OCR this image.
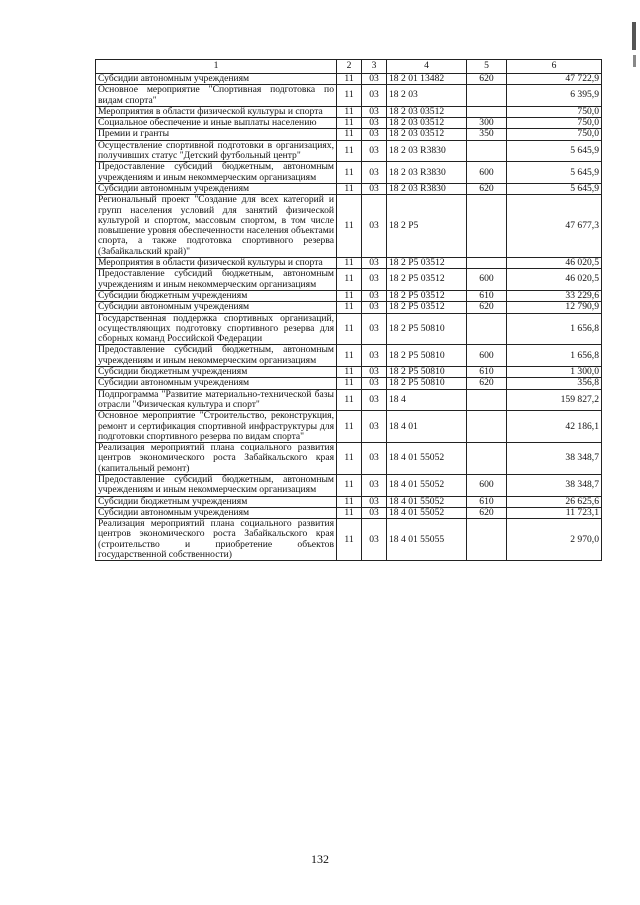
1	2	3	4	5	6
Субсидии автономным учреждениям	11	03	18 2 01 13482	620	47 722,9
Основное мероприятие "Спортивная подготовка по видам спорта"	11	03	18 2 03		6 395,9
Мероприятия в области физической культуры и спорта	11	03	18 2 03 03512		750,0
Социальное обеспечение и иные выплаты населению	11	03	18 2 03 03512	300	750,0
Премии и гранты	11	03	18 2 03 03512	350	750,0
Осуществление спортивной подготовки в организациях, получивших статус "Детский футбольный центр"	11	03	18 2 03 R3830		5 645,9
Предоставление субсидий бюджетным, автономным учреждениям и иным некоммерческим организациям	11	03	18 2 03 R3830	600	5 645,9
Субсидии автономным учреждениям	11	03	18 2 03 R3830	620	5 645,9
Региональный проект "Создание для всех категорий и групп населения условий для занятий физической культурой и спортом, массовым спортом, в том числе повышение уровня обеспеченности населения объектами спорта, а также подготовка спортивного резерва (Забайкальский край)"	11	03	18 2 P5		47 677,3
Мероприятия в области физической культуры и спорта	11	03	18 2 P5 03512		46 020,5
Предоставление субсидий бюджетным, автономным учреждениям и иным некоммерческим организациям	11	03	18 2 P5 03512	600	46 020,5
Субсидии бюджетным учреждениям	11	03	18 2 P5 03512	610	33 229,6
Субсидии автономным учреждениям	11	03	18 2 P5 03512	620	12 790,9
Государственная поддержка спортивных организаций, осуществляющих подготовку спортивного резерва для сборных команд Российской Федерации	11	03	18 2 P5 50810		1 656,8
Предоставление субсидий бюджетным, автономным учреждениям и иным некоммерческим организациям	11	03	18 2 P5 50810	600	1 656,8
Субсидии бюджетным учреждениям	11	03	18 2 P5 50810	610	1 300,0
Субсидии автономным учреждениям	11	03	18 2 P5 50810	620	356,8
Подпрограмма "Развитие материально-технической базы отрасли "Физическая культура и спорт"	11	03	18 4		159 827,2
Основное мероприятие "Строительство, реконструкция, ремонт и сертификация спортивной инфраструктуры для подготовки спортивного резерва по видам спорта"	11	03	18 4 01		42 186,1
Реализация мероприятий плана социального развития центров экономического роста Забайкальского края (капитальный ремонт)	11	03	18 4 01 55052		38 348,7
Предоставление субсидий бюджетным, автономным учреждениям и иным некоммерческим организациям	11	03	18 4 01 55052	600	38 348,7
Субсидии бюджетным учреждениям	11	03	18 4 01 55052	610	26 625,6
Субсидии автономным учреждениям	11	03	18 4 01 55052	620	11 723,1
Реализация мероприятий плана социального развития центров экономического роста Забайкальского края (строительство и приобретение объектов государственной собственности)	11	03	18 4 01 55055		2 970,0
132
